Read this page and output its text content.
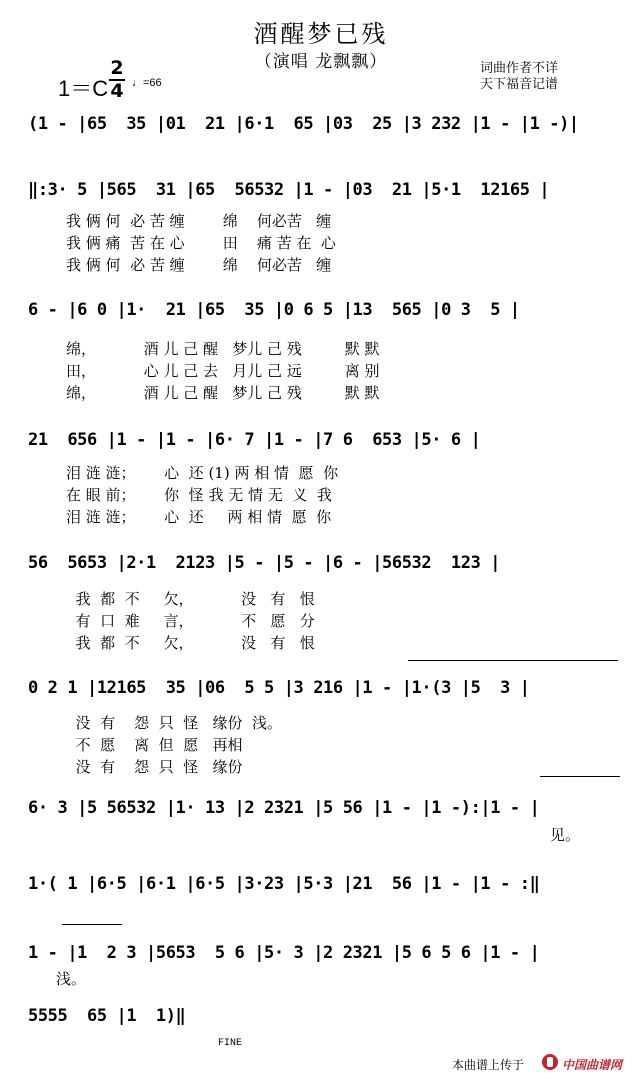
酒醒梦已残
（演唱 龙飘飘）	词曲作者不详
天下福音记谱
1＝C
2
4 ♩=66
(1 - |65  35 |01  21 |6·1  65 |03  25 |3 232 |1 - |1 -)|
‖:3· 5 |565  31 |65  56532 |1 - |03  21 |5·1  12165 |
我 俩 何  必 苦 缠        绵    何必苦   缠
我 俩 痛  苦 在 心        田    痛 苦 在  心
我 俩 何  必 苦 缠        绵    何必苦   缠
6 - |6 0 |1·  21 |65  35 |0 6 5 |13  565 |0 3  5 |
绵，          酒 儿 己 醒   梦儿 己 残         默 默
田，          心 儿 己 去   月儿 己 远         离 别
绵，          酒 儿 己 醒   梦儿 己 残         默 默
21  656 |1 - |1 - |6· 7 |1 - |7 6  653 |5· 6 |
泪 涟 涟；      心  还 (1) 两 相 情  愿  你
在 眼 前；      你  怪 我 无 情 无  义  我
泪 涟 涟；      心  还     两 相 情  愿  你
56  5653 |2·1  2123 |5 - |5 - |6 - |56532  123 |
我  都  不     欠，          没   有   恨
有  口  难     言，          不   愿   分
我  都  不     欠，          没   有   恨
0 2 1 |12165  35 |06  5 5 |3 216 |1 - |1·(3 |5  3 |
没  有    怨  只  怪   缘份  浅。
不  愿    离  但  愿   再相
没  有    怨  只  怪   缘份
6· 3 |5 56532 |1· 13 |2 2321 |5 56 |1 - |1 -):|1 - |
见。
1·( 1 |6·5 |6·1 |6·5 |3·23 |5·3 |21  56 |1 - |1 - :‖
1 - |1  2 3 |5653  5 6 |5· 3 |2 2321 |5 6 5 6 |1 - |
浅。
5555  65 |1  1)‖
FINE
本曲谱上传于	中国曲谱网
